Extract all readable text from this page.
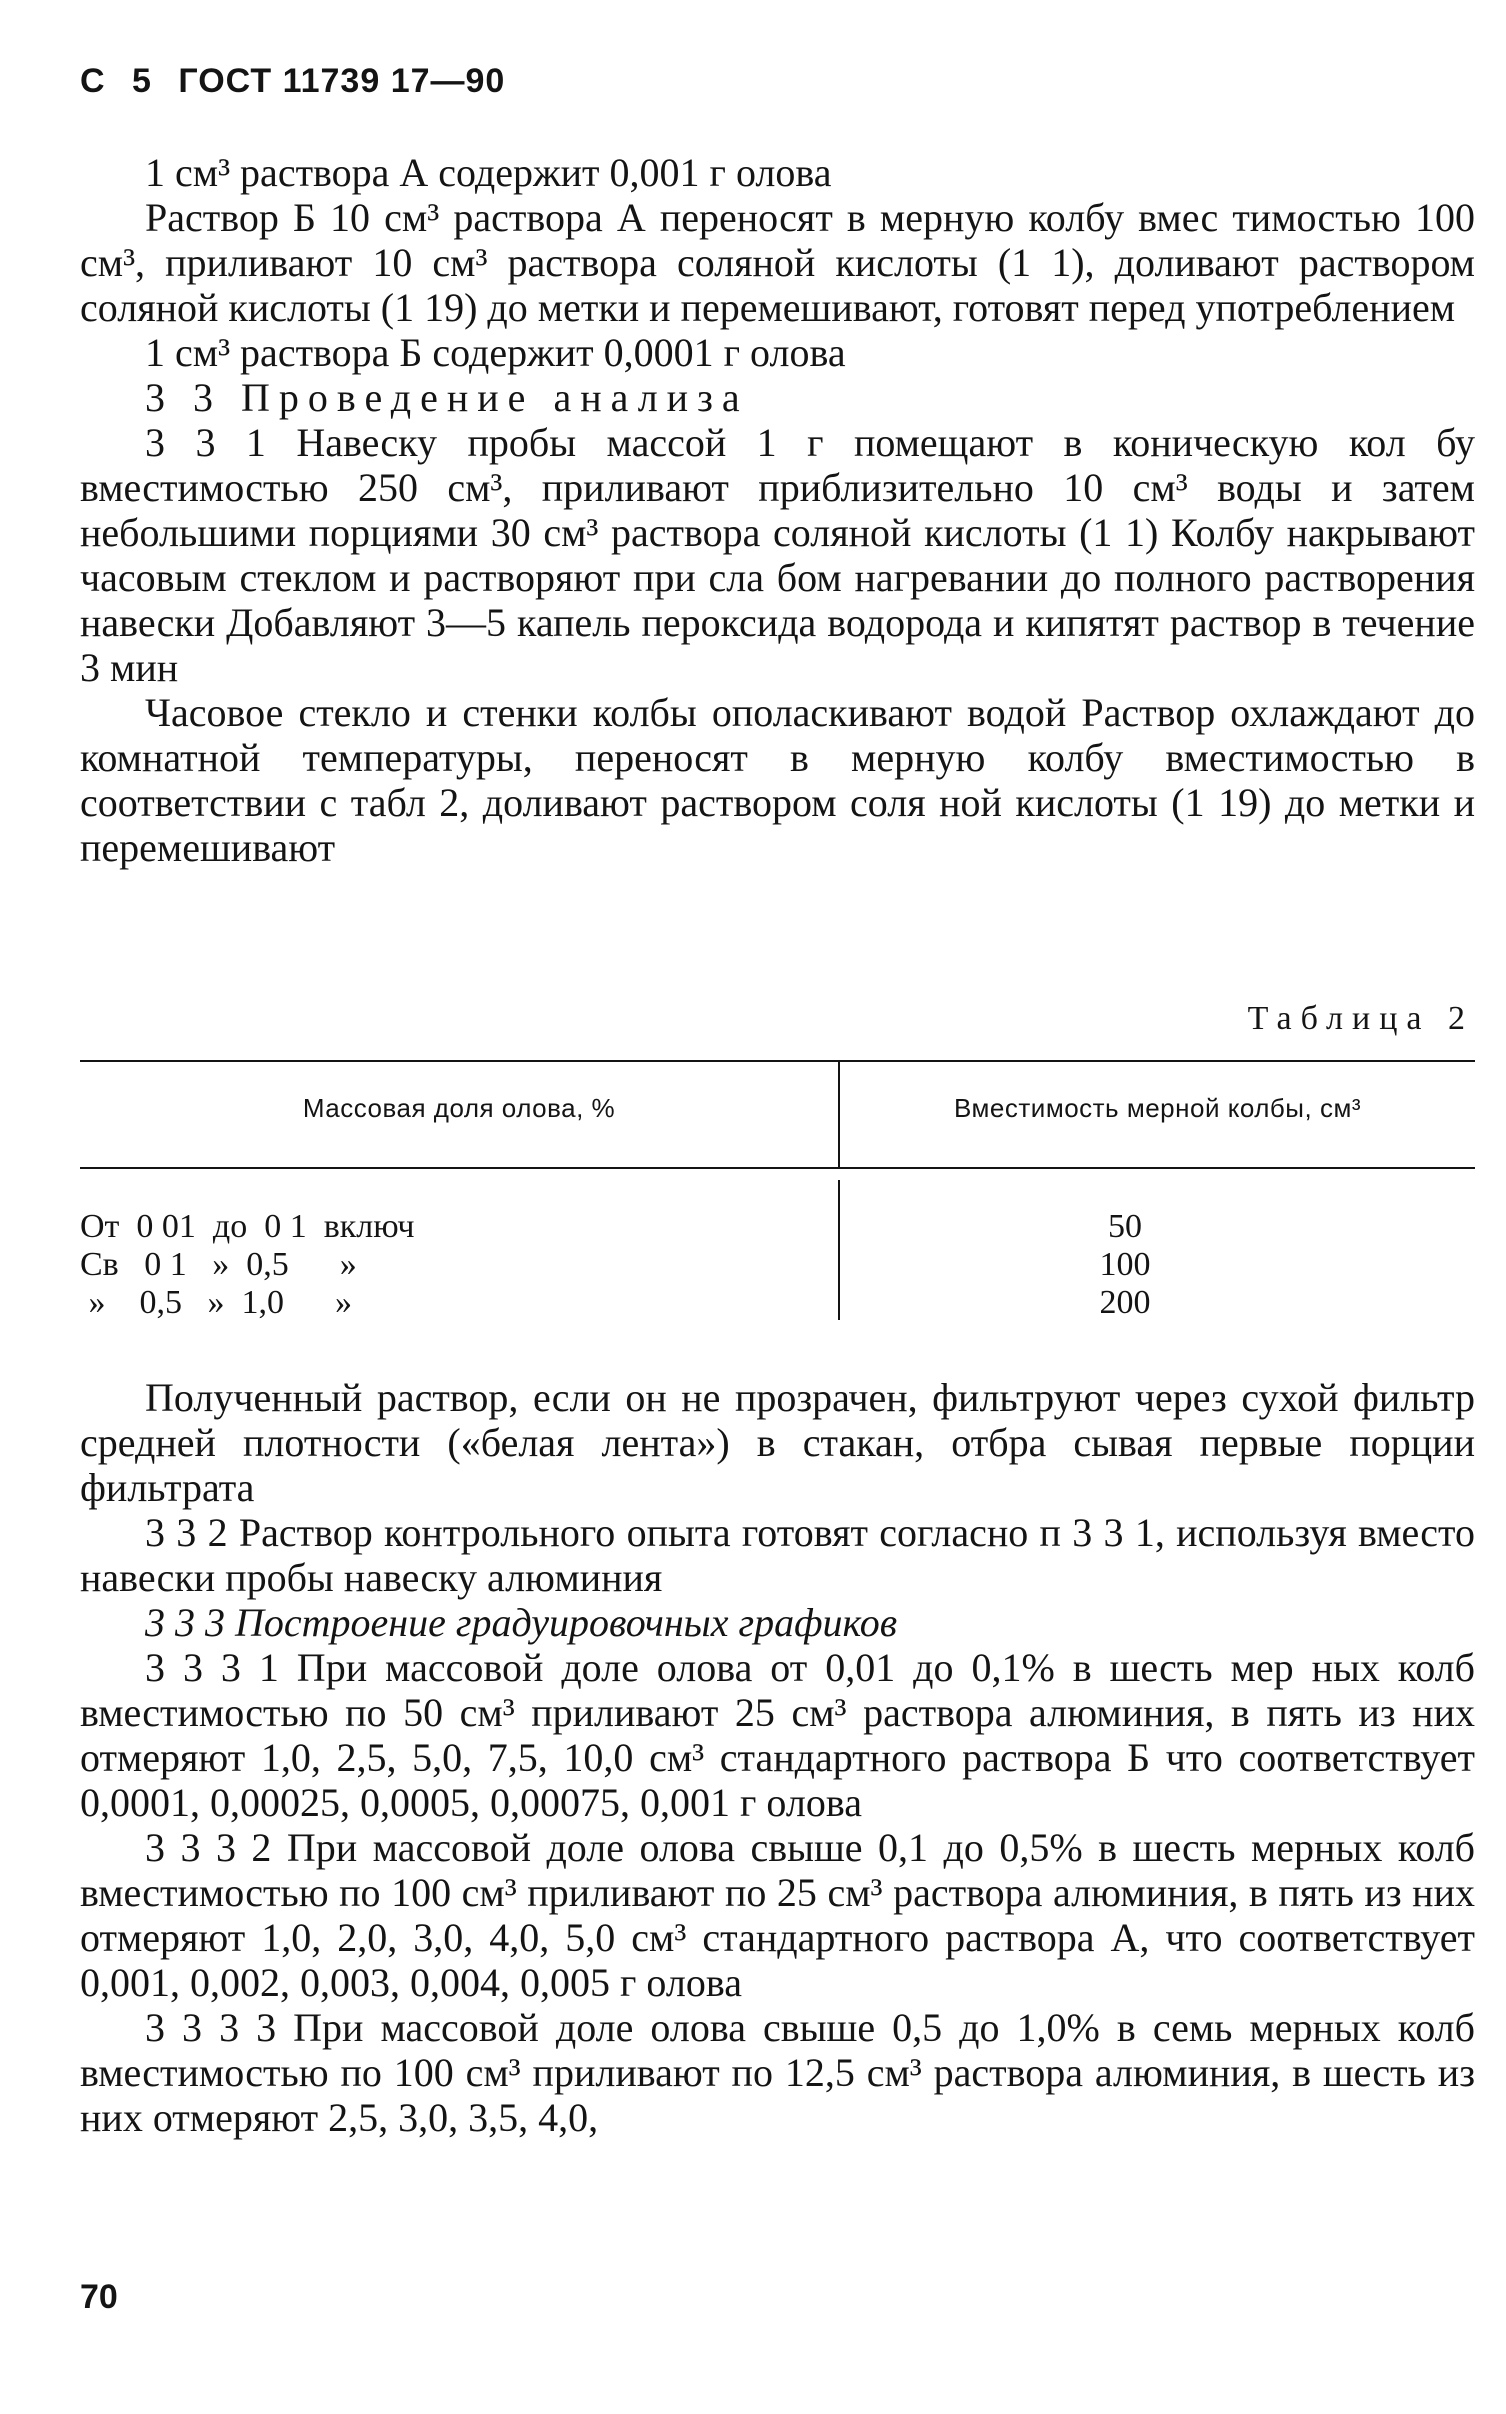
С 5 ГОСТ 11739 17—90

1 см³ раствора А содержит 0,001 г олова

Раствор Б 10 см³ раствора А переносят в мерную колбу вмес тимостью 100 см³, приливают 10 см³ раствора соляной кислоты (1 1), доливают раствором соляной кислоты (1 19) до метки и перемешивают, готовят перед употреблением

1 см³ раствора Б содержит 0,0001 г олова

3 3 Проведение анализа

3 3 1 Навеску пробы массой 1 г помещают в коническую кол бу вместимостью 250 см³, приливают приблизительно 10 см³ воды и затем небольшими порциями 30 см³ раствора соляной кислоты (1 1) Колбу накрывают часовым стеклом и растворяют при сла бом нагревании до полного растворения навески Добавляют 3—5 капель пероксида водорода и кипятят раствор в течение 3 мин

Часовое стекло и стенки колбы ополаскивают водой Раствор охлаждают до комнатной температуры, переносят в мерную колбу вместимостью в соответствии с табл 2, доливают раствором соля ной кислоты (1 19) до метки и перемешивают

Таблица 2
Массовая доля олова, %	Вместимость мерной колбы, см³
От  0 01  до  0 1  включ	50
Св   0 1   »  0,5      »	100
»    0,5   »  1,0      »	200

Полученный раствор, если он не прозрачен, фильтруют через сухой фильтр средней плотности («белая лента») в стакан, отбра сывая первые порции фильтрата

3 3 2 Раствор контрольного опыта готовят согласно п 3 3 1, используя вместо навески пробы навеску алюминия

3 3 3 Построение градуировочных графиков

3 3 3 1 При массовой доле олова от 0,01 до 0,1% в шесть мер ных колб вместимостью по 50 см³ приливают 25 см³ раствора алюминия, в пять из них отмеряют 1,0, 2,5, 5,0, 7,5, 10,0 см³ стандартного раствора Б что соответствует 0,0001, 0,00025, 0,0005, 0,00075, 0,001 г олова

3 3 3 2 При массовой доле олова свыше 0,1 до 0,5% в шесть мерных колб вместимостью по 100 см³ приливают по 25 см³ раствора алюминия, в пять из них отмеряют 1,0, 2,0, 3,0, 4,0, 5,0 см³ стандартного раствора А, что соответствует 0,001, 0,002, 0,003, 0,004, 0,005 г олова

3 3 3 3 При массовой доле олова свыше 0,5 до 1,0% в семь мерных колб вместимостью по 100 см³ приливают по 12,5 см³ раствора алюминия, в шесть из них отмеряют 2,5, 3,0, 3,5, 4,0,

70
